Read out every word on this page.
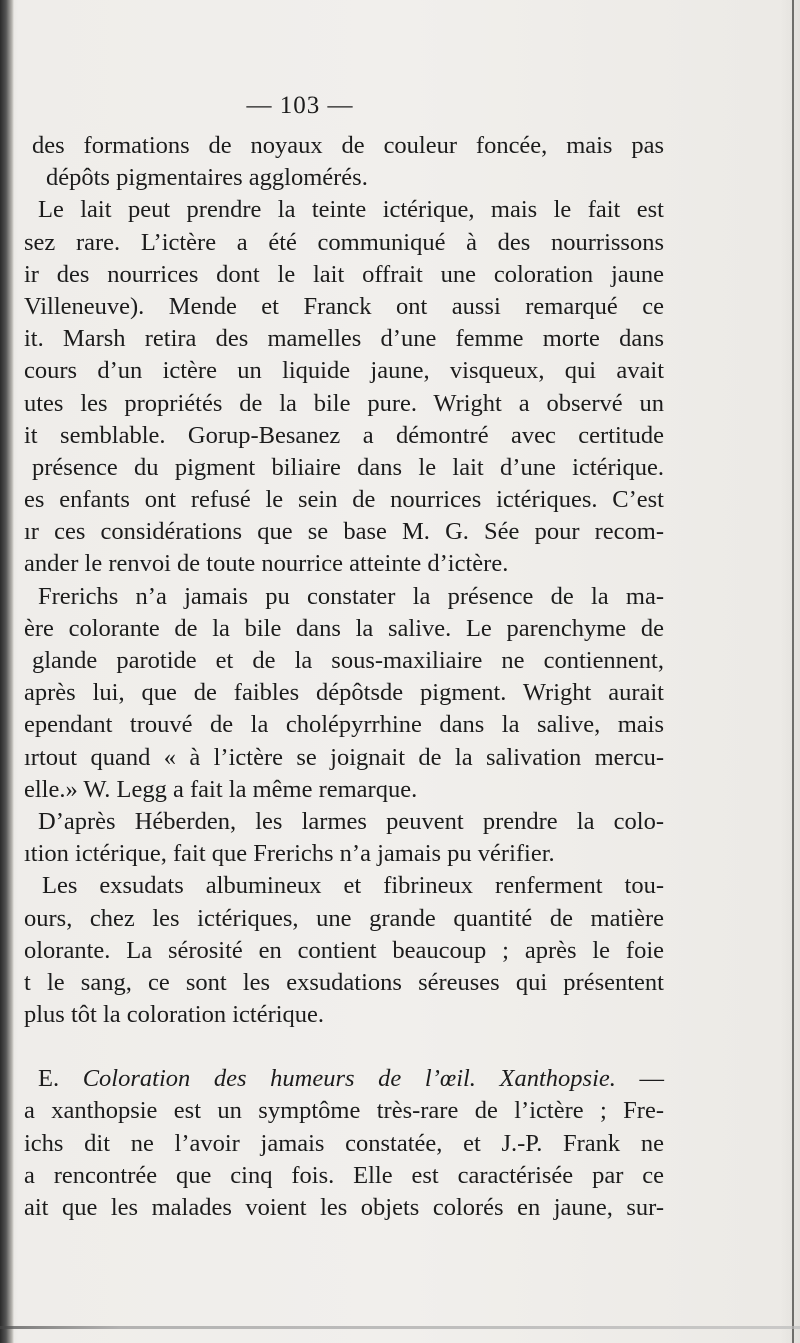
— 103 —
des formations de noyaux de couleur foncée, mais pas
dépôts pigmentaires agglomérés.
Le lait peut prendre la teinte ictérique, mais le fait est
sez rare. L’ictère a été communiqué à des nourrissons
ir des nourrices dont le lait offrait une coloration jaune
Villeneuve). Mende et Franck ont aussi remarqué ce
it. Marsh retira des mamelles d’une femme morte dans
cours d’un ictère un liquide jaune, visqueux, qui avait
utes les propriétés de la bile pure. Wright a observé un
it semblable. Gorup-Besanez a démontré avec certitude
présence du pigment biliaire dans le lait d’une ictérique.
es enfants ont refusé le sein de nourrices ictériques. C’est
ır ces considérations que se base M. G. Sée pour recom-
ander le renvoi de toute nourrice atteinte d’ictère.
Frerichs n’a jamais pu constater la présence de la ma-
ère colorante de la bile dans la salive. Le parenchyme de
glande parotide et de la sous-maxiliaire ne contiennent,
après lui, que de faibles dépôtsde pigment. Wright aurait
ependant trouvé de la cholépyrrhine dans la salive, mais
ırtout quand « à l’ictère se joignait de la salivation mercu-
elle.» W. Legg a fait la même remarque.
D’après Héberden, les larmes peuvent prendre la colo-
ıtion ictérique, fait que Frerichs n’a jamais pu vérifier.
Les exsudats albumineux et fibrineux renferment tou-
ours, chez les ictériques, une grande quantité de matière
olorante. La sérosité en contient beaucoup ; après le foie
t le sang, ce sont les exsudations séreuses qui présentent
plus tôt la coloration ictérique.
E. Coloration des humeurs de l’œil. Xanthopsie. —
a xanthopsie est un symptôme très-rare de l’ictère ; Fre-
ichs dit ne l’avoir jamais constatée, et J.-P. Frank ne
a rencontrée que cinq fois. Elle est caractérisée par ce
ait que les malades voient les objets colorés en jaune, sur-
